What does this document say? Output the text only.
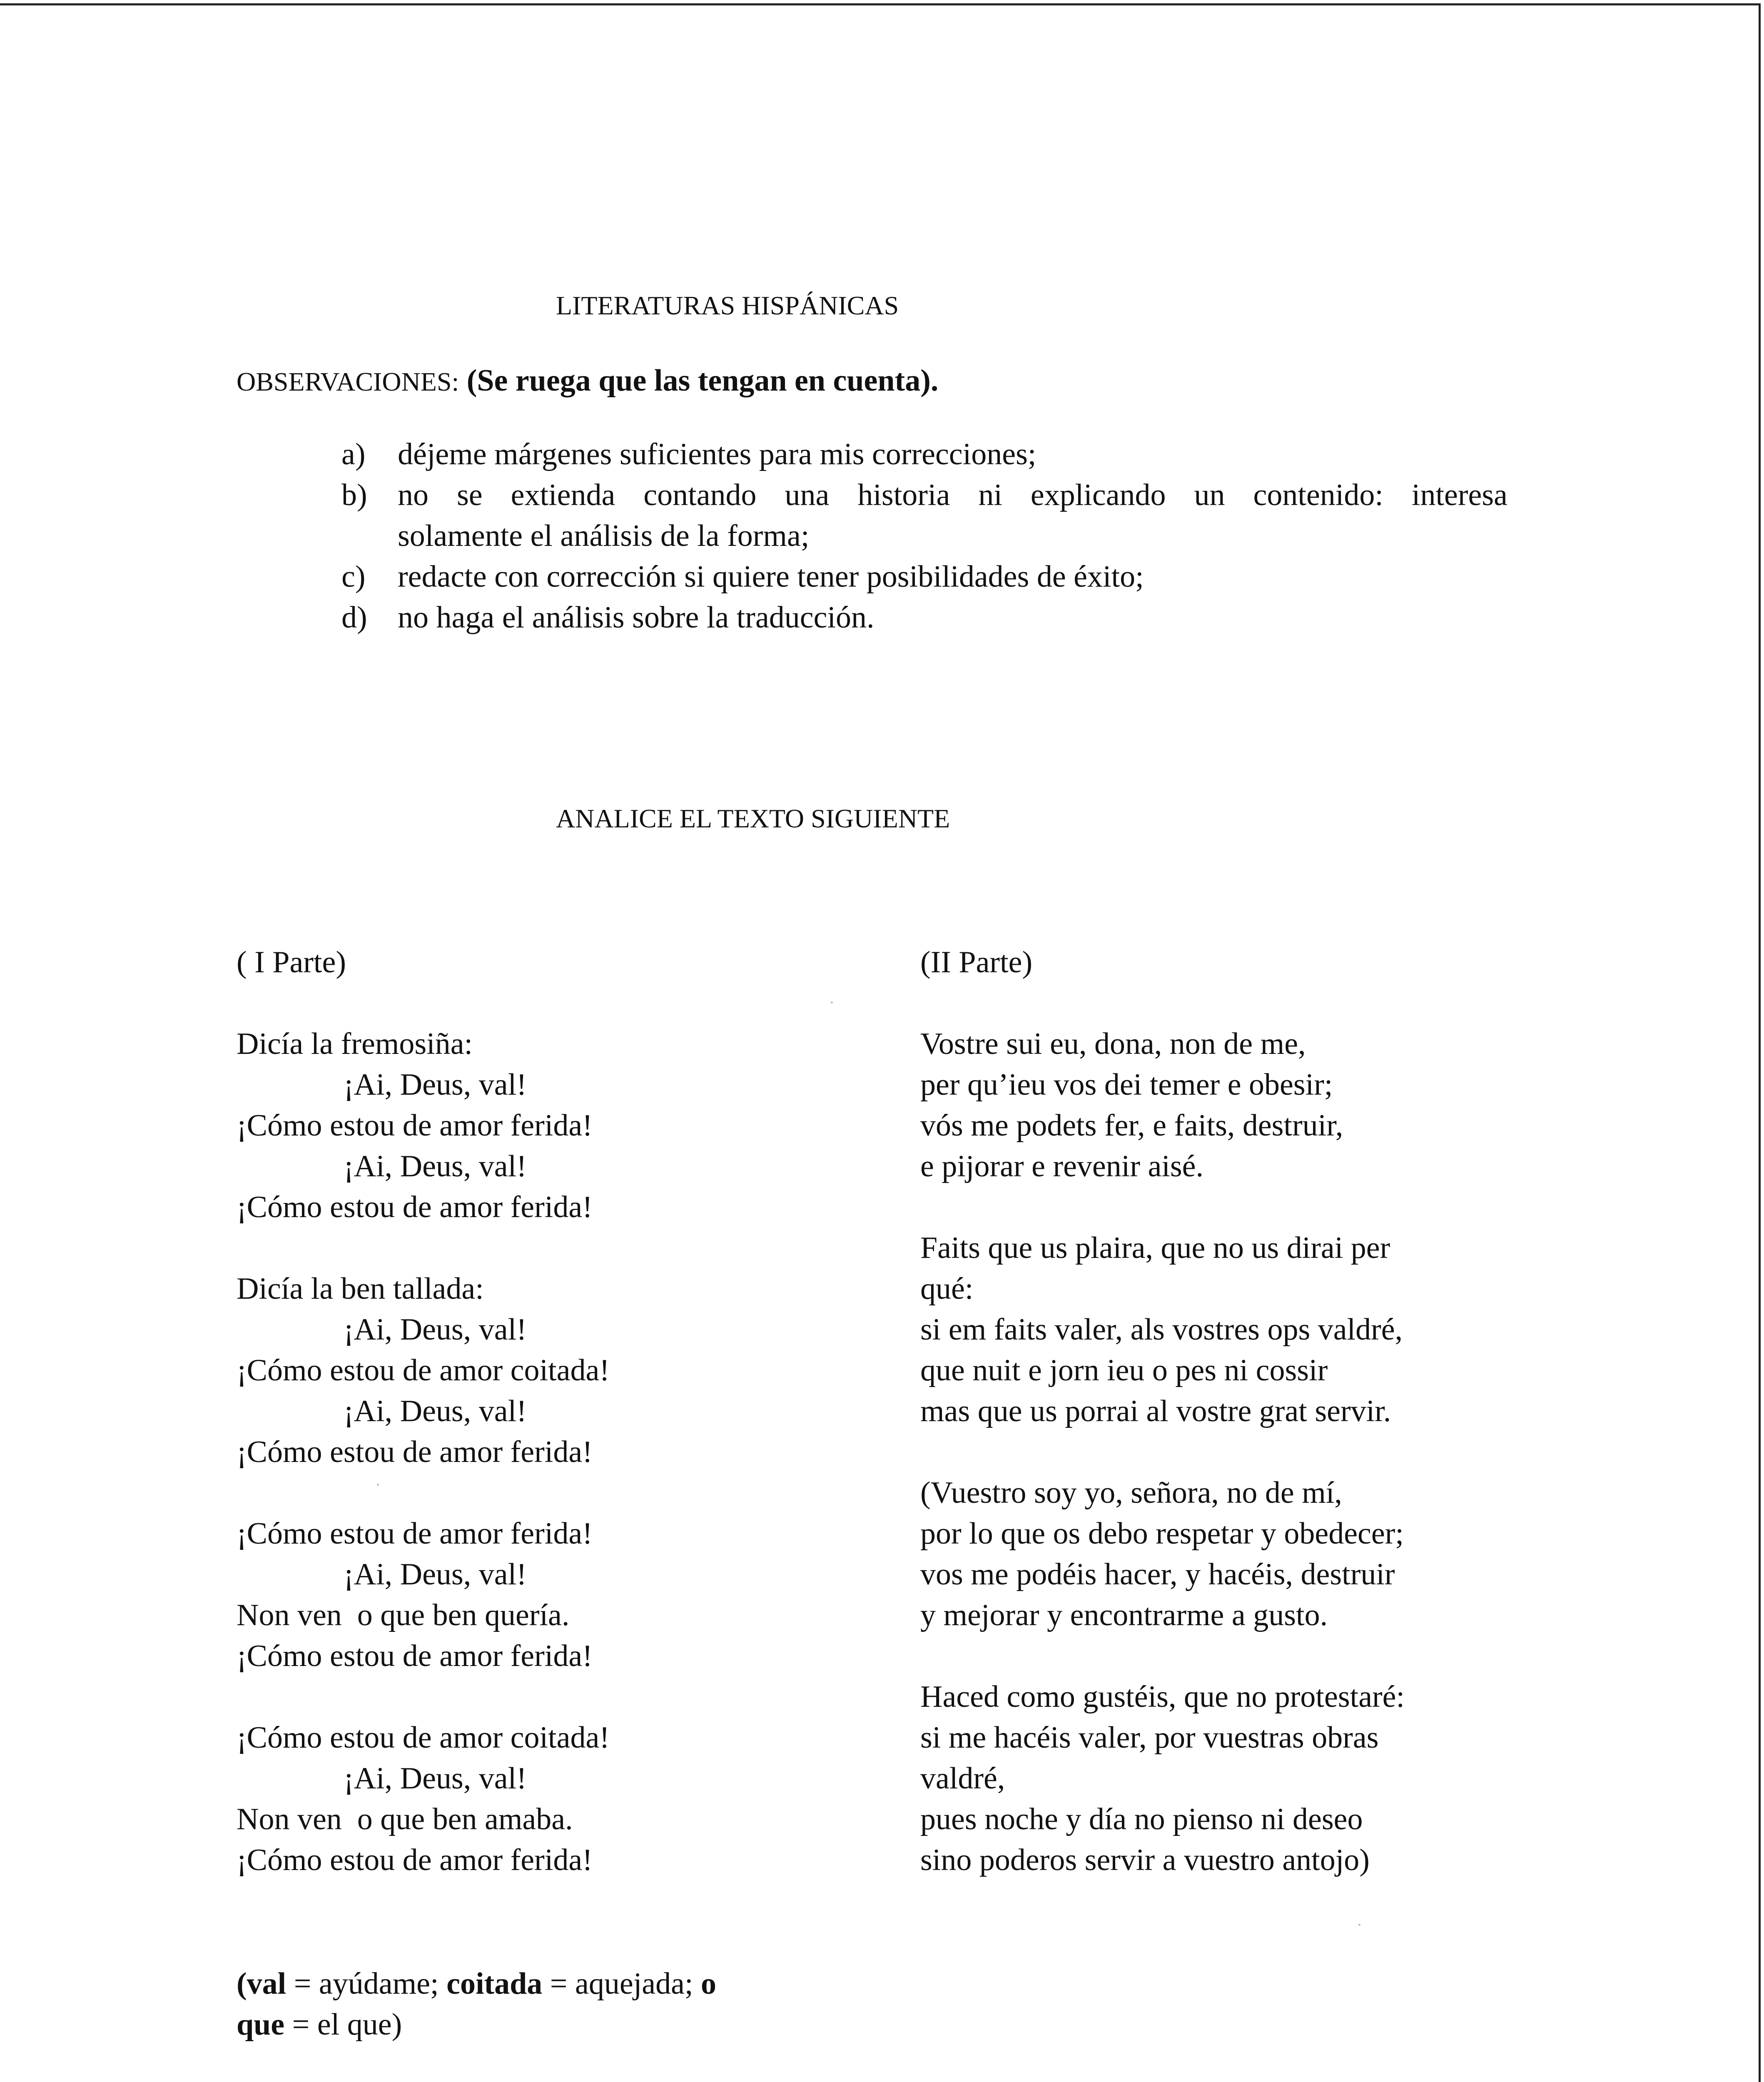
LITERATURAS HISPÁNICAS
OBSERVACIONES: (Se ruega que las tengan en cuenta).
a) déjeme márgenes suficientes para mis correcciones;
b) no se extienda contando una historia ni explicando un contenido: interesa
solamente el análisis de la forma;
c) redacte con corrección si quiere tener posibilidades de éxito;
d) no haga el análisis sobre la traducción.
ANALICE EL TEXTO SIGUIENTE
( I Parte)
Dicía la fremosiña:
¡Ai, Deus, val!
¡Cómo estou de amor ferida!
¡Ai, Deus, val!
¡Cómo estou de amor ferida!
Dicía la ben tallada:
¡Ai, Deus, val!
¡Cómo estou de amor coitada!
¡Ai, Deus, val!
¡Cómo estou de amor ferida!
¡Cómo estou de amor ferida!
¡Ai, Deus, val!
Non ven  o que ben quería.
¡Cómo estou de amor ferida!
¡Cómo estou de amor coitada!
¡Ai, Deus, val!
Non ven  o que ben amaba.
¡Cómo estou de amor ferida!
(II Parte)
Vostre sui eu, dona, non de me,
per qu’ieu vos dei temer e obesir;
vós me podets fer, e faits, destruir,
e pijorar e revenir aisé.
Faits que us plaira, que no us dirai per
qué:
si em faits valer, als vostres ops valdré,
que nuit e jorn ieu o pes ni cossir
mas que us porrai al vostre grat servir.
(Vuestro soy yo, señora, no de mí,
por lo que os debo respetar y obedecer;
vos me podéis hacer, y hacéis, destruir
y mejorar y encontrarme a gusto.
Haced como gustéis, que no protestaré:
si me hacéis valer, por vuestras obras
valdré,
pues noche y día no pienso ni deseo
sino poderos servir a vuestro antojo)
(val = ayúdame; coitada = aquejada; o
que = el que)
